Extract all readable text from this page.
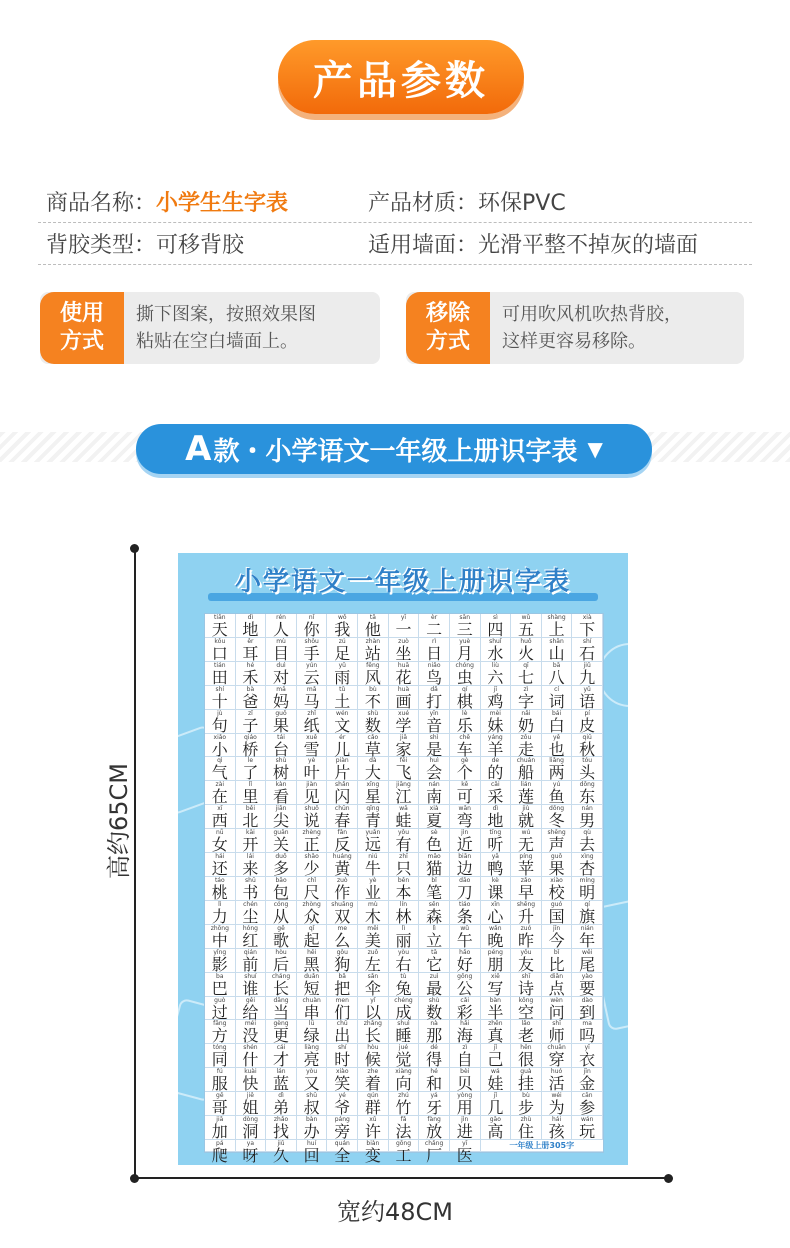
产品参数
商品名称：小学生生字表	产品材质：环保PVC
背胶类型：可移背胶	适用墙面：光滑平整不掉灰的墙面
使用
方式
撕下图案，按照效果图
粘贴在空白墙面上。
移除
方式
可用吹风机吹热背胶，
这样更容易移除。
A 款・小学语文一年级上册识字表 ▼
高约65CM
宽约48CM
小学语文一年级上册识字表
tiān
天
dì
地
rén
人
nǐ
你
wǒ
我
tā
他
yī
一
èr
二
sān
三
sì
四
wǔ
五
shàng
上
xià
下
kǒu
口
ěr
耳
mù
目
shǒu
手
zú
足
zhàn
站
zuò
坐
rì
日
yuè
月
shuǐ
水
huǒ
火
shān
山
shí
石
tián
田
hé
禾
duì
对
yún
云
yǔ
雨
fēng
风
huā
花
niǎo
鸟
chóng
虫
liù
六
qī
七
bā
八
jiǔ
九
shí
十
bà
爸
mā
妈
mǎ
马
tǔ
土
bù
不
huà
画
dǎ
打
qí
棋
jī
鸡
zì
字
cí
词
yǔ
语
jù
句
zǐ
子
guǒ
果
zhǐ
纸
wén
文
shù
数
xué
学
yīn
音
lè
乐
mèi
妹
nǎi
奶
bái
白
pí
皮
xiǎo
小
qiáo
桥
tái
台
xuě
雪
ér
儿
cǎo
草
jiā
家
shì
是
chē
车
yáng
羊
zǒu
走
yě
也
qiū
秋
qì
气
le
了
shù
树
yè
叶
piàn
片
dà
大
fēi
飞
huì
会
gè
个
de
的
chuán
船
liǎng
两
tóu
头
zài
在
lǐ
里
kàn
看
jiàn
见
shǎn
闪
xīng
星
jiāng
江
nán
南
kě
可
cǎi
采
lián
莲
yú
鱼
dōng
东
xī
西
běi
北
jiān
尖
shuō
说
chūn
春
qīng
青
wā
蛙
xià
夏
wān
弯
dì
地
jiù
就
dōng
冬
nán
男
nǚ
女
kāi
开
guān
关
zhèng
正
fǎn
反
yuǎn
远
yǒu
有
sè
色
jìn
近
tīng
听
wú
无
shēng
声
qù
去
hái
还
lái
来
duō
多
shǎo
少
huáng
黄
niú
牛
zhī
只
māo
猫
biān
边
yā
鸭
píng
苹
guǒ
果
xìng
杏
táo
桃
shū
书
bāo
包
chǐ
尺
zuò
作
yè
业
běn
本
bǐ
笔
dāo
刀
kè
课
zǎo
早
xiào
校
míng
明
lì
力
chén
尘
cóng
从
zhòng
众
shuāng
双
mù
木
lín
林
sēn
森
tiáo
条
xīn
心
shēng
升
guó
国
qí
旗
zhōng
中
hóng
红
gē
歌
qǐ
起
me
么
měi
美
lì
丽
lì
立
wǔ
午
wǎn
晚
zuó
昨
jīn
今
nián
年
yǐng
影
qián
前
hòu
后
hēi
黑
gǒu
狗
zuǒ
左
yòu
右
tā
它
hǎo
好
péng
朋
yǒu
友
bǐ
比
wěi
尾
ba
巴
shuí
谁
cháng
长
duǎn
短
bǎ
把
sǎn
伞
tù
兔
zuì
最
gōng
公
xiě
写
shī
诗
diǎn
点
yào
要
guò
过
gěi
给
dāng
当
chuàn
串
men
们
yǐ
以
chéng
成
shù
数
cǎi
彩
bàn
半
kōng
空
wèn
问
dào
到
fāng
方
méi
没
gèng
更
lǜ
绿
chū
出
zhǎng
长
shuì
睡
nà
那
hǎi
海
zhēn
真
lǎo
老
shī
师
ma
吗
tóng
同
shén
什
cái
才
liàng
亮
shí
时
hòu
候
jué
觉
dé
得
zì
自
jǐ
己
hěn
很
chuān
穿
yī
衣
fú
服
kuài
快
lán
蓝
yòu
又
xiào
笑
zhe
着
xiàng
向
hé
和
bèi
贝
wá
娃
guà
挂
huó
活
jīn
金
gē
哥
jiě
姐
dì
弟
shū
叔
yé
爷
qún
群
zhú
竹
yá
牙
yòng
用
jǐ
几
bù
步
wéi
为
cān
参
jiā
加
dòng
洞
zhǎo
找
bàn
办
páng
旁
xǔ
许
fǎ
法
fàng
放
jìn
进
gāo
高
zhù
住
hái
孩
wán
玩
pá
爬
ya
呀
jiǔ
久
huí
回
quán
全
biàn
变
gōng
工
chǎng
厂
yī
医
一年级上册305字
